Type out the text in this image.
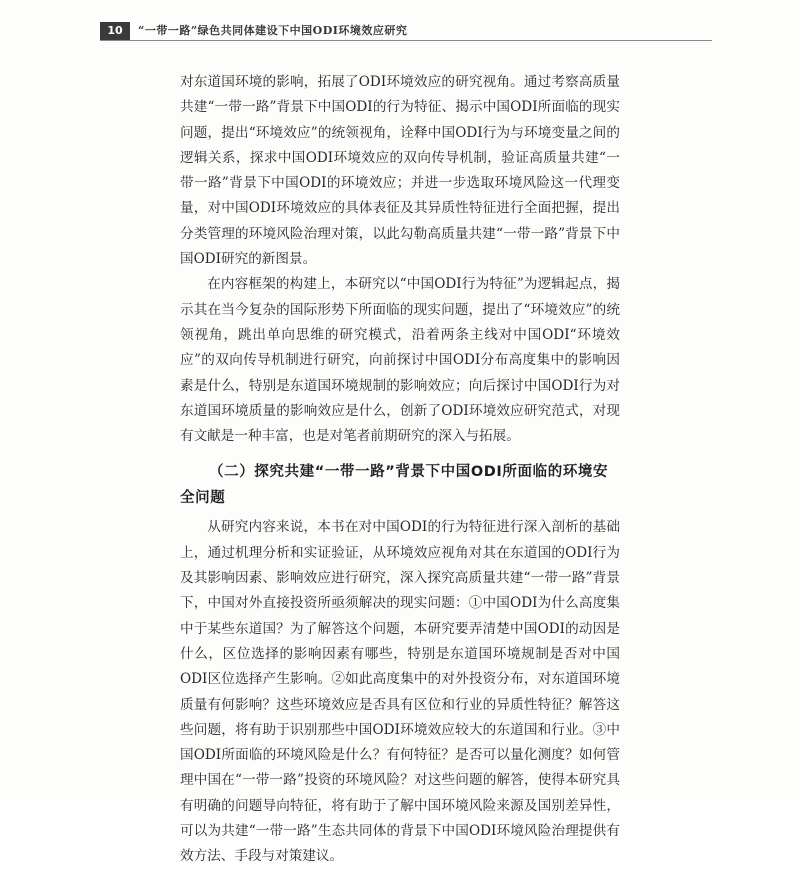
10	“一带一路”绿色共同体建设下中国ODI环境效应研究

对东道国环境的影响，拓展了ODI环境效应的研究视角。通过考察高质量共建“一带一路”背景下中国ODI的行为特征、揭示中国ODI所面临的现实问题，提出“环境效应”的统领视角，诠释中国ODI行为与环境变量之间的逻辑关系，探求中国ODI环境效应的双向传导机制，验证高质量共建“一带一路”背景下中国ODI的环境效应；并进一步选取环境风险这一代理变量，对中国ODI环境效应的具体表征及其异质性特征进行全面把握，提出分类管理的环境风险治理对策，以此勾勒高质量共建“一带一路”背景下中国ODI研究的新图景。

在内容框架的构建上，本研究以“中国ODI行为特征”为逻辑起点，揭示其在当今复杂的国际形势下所面临的现实问题，提出了“环境效应”的统领视角，跳出单向思维的研究模式，沿着两条主线对中国ODI“环境效应”的双向传导机制进行研究，向前探讨中国ODI分布高度集中的影响因素是什么，特别是东道国环境规制的影响效应；向后探讨中国ODI行为对东道国环境质量的影响效应是什么，创新了ODI环境效应研究范式，对现有文献是一种丰富，也是对笔者前期研究的深入与拓展。

（二）探究共建“一带一路”背景下中国ODI所面临的环境安全问题

从研究内容来说，本书在对中国ODI的行为特征进行深入剖析的基础上，通过机理分析和实证验证，从环境效应视角对其在东道国的ODI行为及其影响因素、影响效应进行研究，深入探究高质量共建“一带一路”背景下，中国对外直接投资所亟须解决的现实问题：①中国ODI为什么高度集中于某些东道国？为了解答这个问题，本研究要弄清楚中国ODI的动因是什么，区位选择的影响因素有哪些，特别是东道国环境规制是否对中国ODI区位选择产生影响。②如此高度集中的对外投资分布，对东道国环境质量有何影响？这些环境效应是否具有区位和行业的异质性特征？解答这些问题，将有助于识别那些中国ODI环境效应较大的东道国和行业。③中国ODI所面临的环境风险是什么？有何特征？是否可以量化测度？如何管理中国在“一带一路”投资的环境风险？对这些问题的解答，使得本研究具有明确的问题导向特征，将有助于了解中国环境风险来源及国别差异性，可以为共建“一带一路”生态共同体的背景下中国ODI环境风险治理提供有效方法、手段与对策建议。
